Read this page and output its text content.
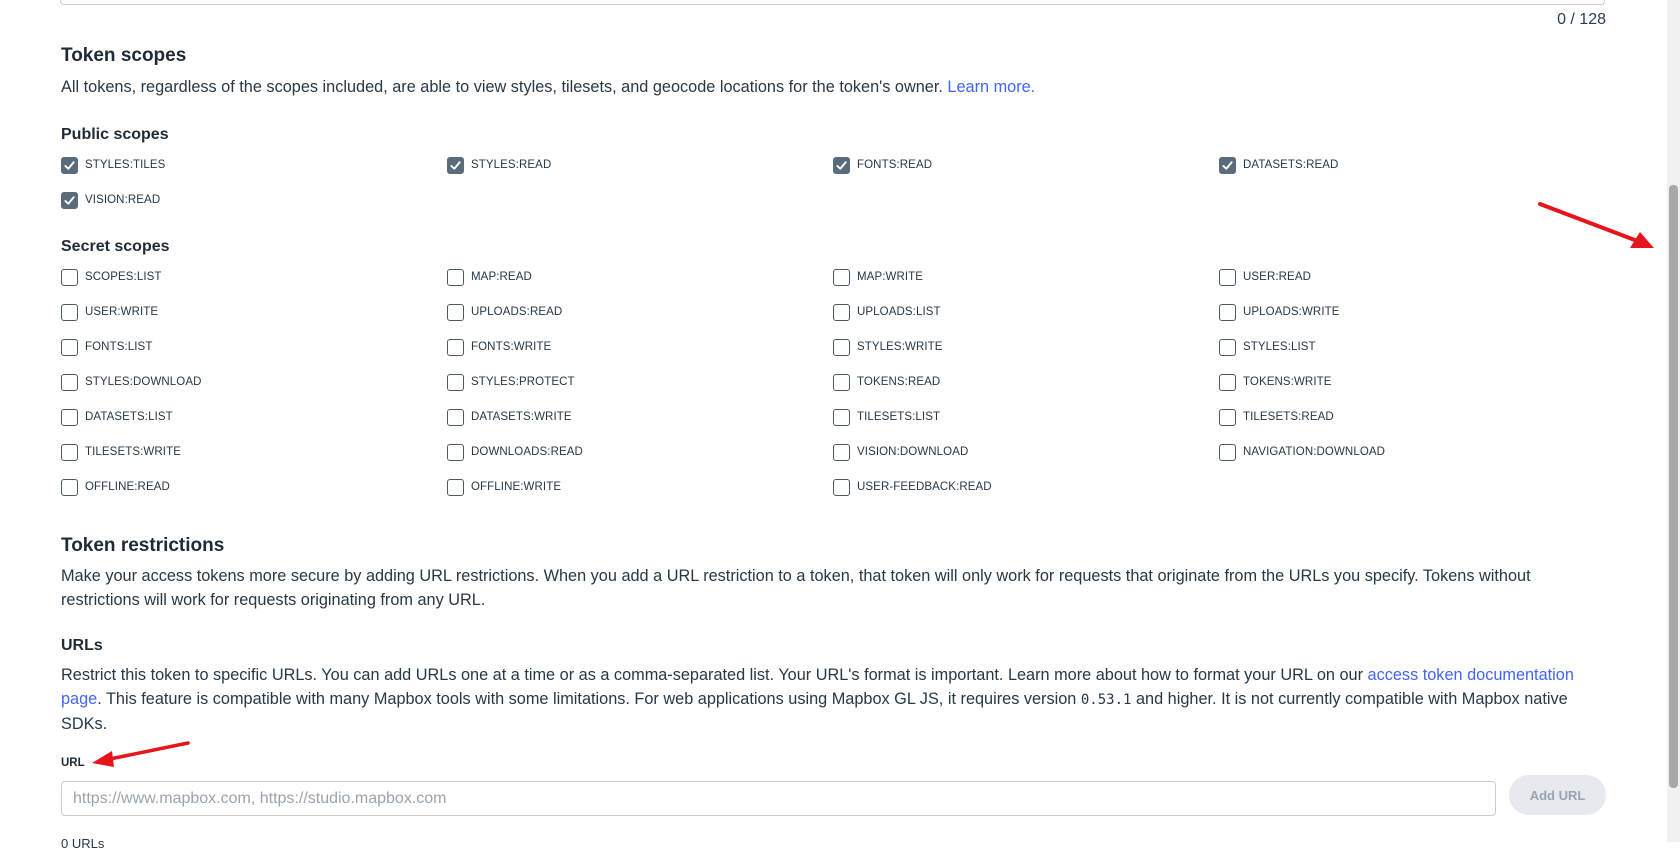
0 / 128
Token scopes
All tokens, regardless of the scopes included, are able to view styles, tilesets, and geocode locations for the token's owner. Learn more.
Public scopes
STYLES:TILES	STYLES:READ	FONTS:READ	DATASETS:READ
VISION:READ
Secret scopes
SCOPES:LIST	MAP:READ	MAP:WRITE	USER:READ
USER:WRITE	UPLOADS:READ	UPLOADS:LIST	UPLOADS:WRITE
FONTS:LIST	FONTS:WRITE	STYLES:WRITE	STYLES:LIST
STYLES:DOWNLOAD	STYLES:PROTECT	TOKENS:READ	TOKENS:WRITE
DATASETS:LIST	DATASETS:WRITE	TILESETS:LIST	TILESETS:READ
TILESETS:WRITE	DOWNLOADS:READ	VISION:DOWNLOAD	NAVIGATION:DOWNLOAD
OFFLINE:READ	OFFLINE:WRITE	USER-FEEDBACK:READ
Token restrictions
Make your access tokens more secure by adding URL restrictions. When you add a URL restriction to a token, that token will only work for requests that originate from the URLs you specify. Tokens without restrictions will work for requests originating from any URL.
URLs
Restrict this token to specific URLs. You can add URLs one at a time or as a comma-separated list. Your URL's format is important. Learn more about how to format your URL on our access token documentation page. This feature is compatible with many Mapbox tools with some limitations. For web applications using Mapbox GL JS, it requires version 0.53.1 and higher. It is not currently compatible with Mapbox native SDKs.
URL
https://www.mapbox.com, https://studio.mapbox.com
Add URL
0 URLs
